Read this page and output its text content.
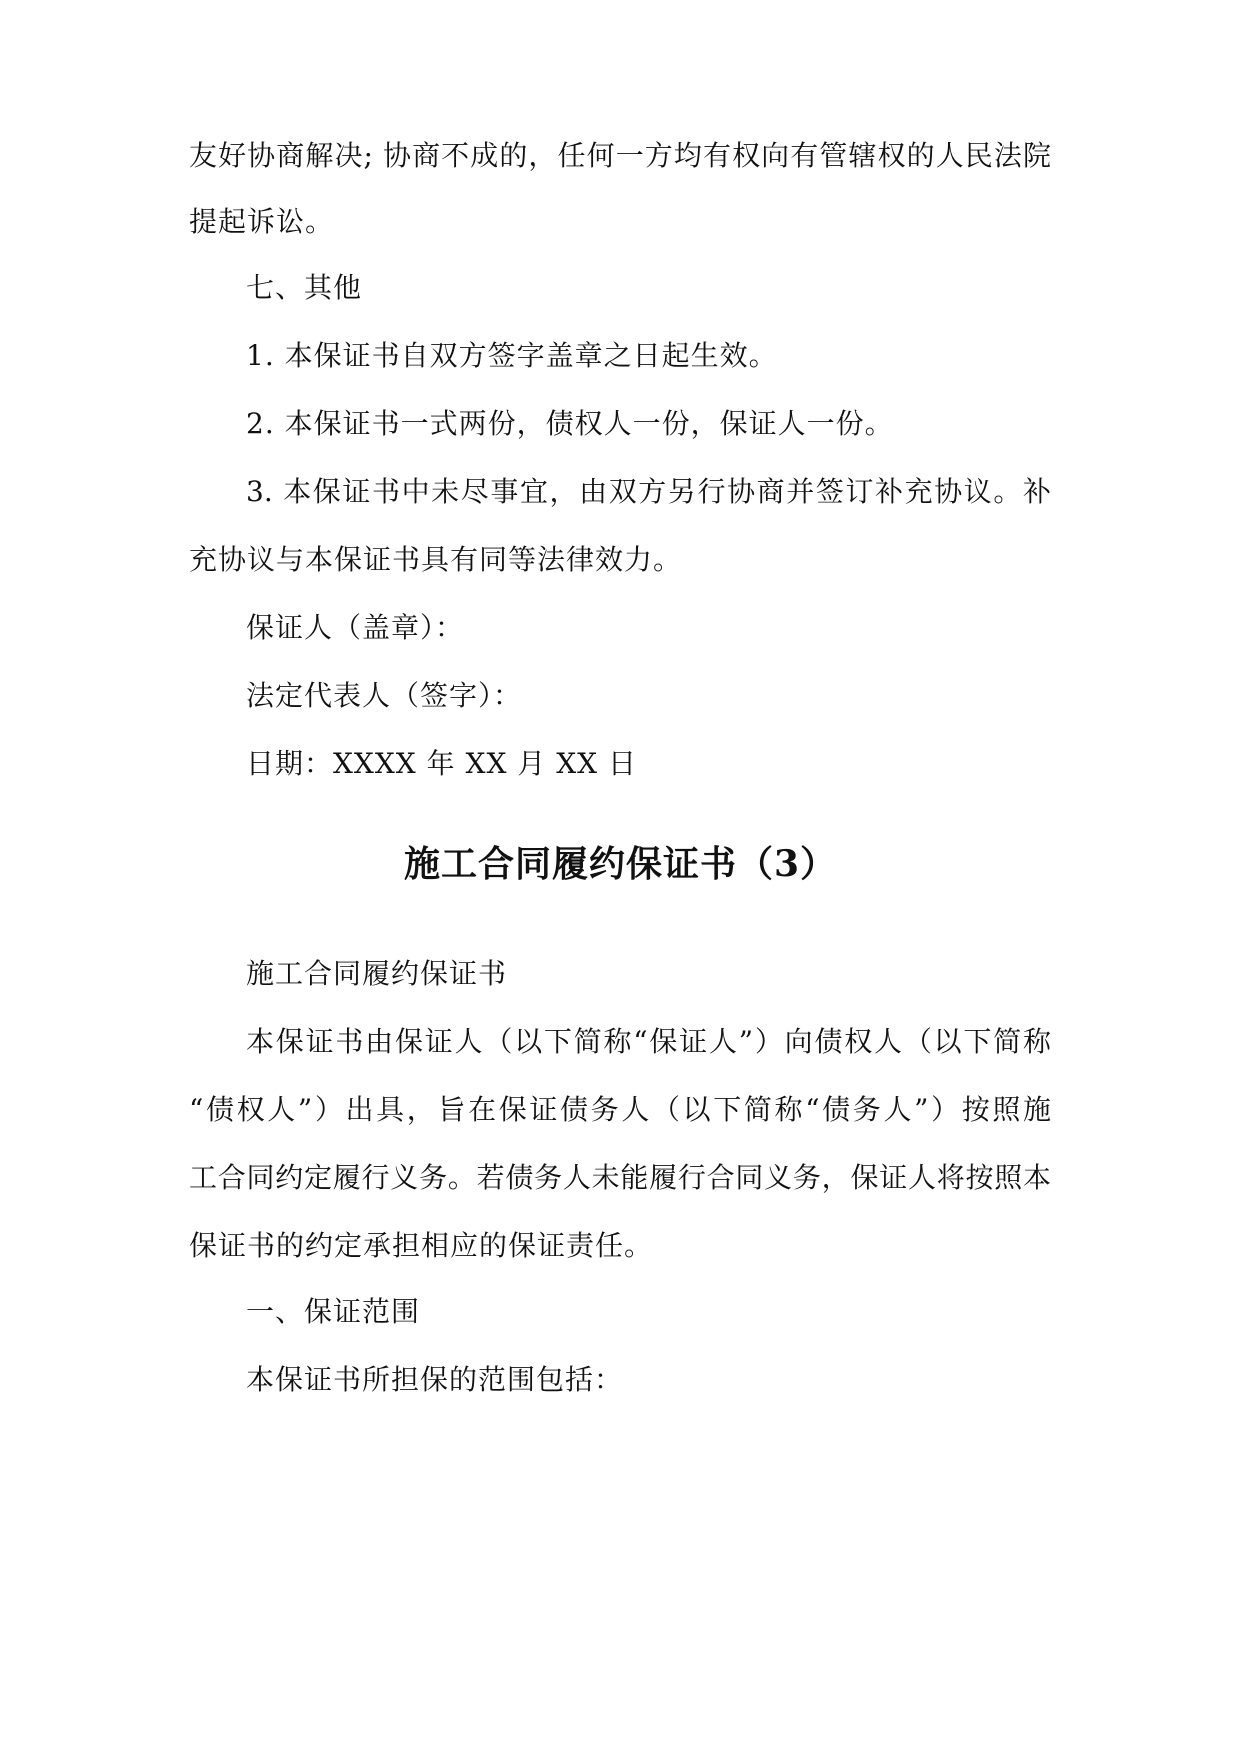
友好协商解决; 协商不成的，任何一方均有权向有管辖权的人民法院
提起诉讼。
七、其他
1. 本保证书自双方签字盖章之日起生效。
2. 本保证书一式两份，债权人一份，保证人一份。
3. 本保证书中未尽事宜，由双方另行协商并签订补充协议。补
充协议与本保证书具有同等法律效力。
保证人（盖章）：
法定代表人（签字）：
日期：XXXX 年 XX 月 XX 日
施工合同履约保证书（3）
施工合同履约保证书
本保证书由保证人（以下简称“保证人”）向债权人（以下简称
“债权人”）出具，旨在保证债务人（以下简称“债务人”）按照施
工合同约定履行义务。若债务人未能履行合同义务，保证人将按照本
保证书的约定承担相应的保证责任。
一、保证范围
本保证书所担保的范围包括：
